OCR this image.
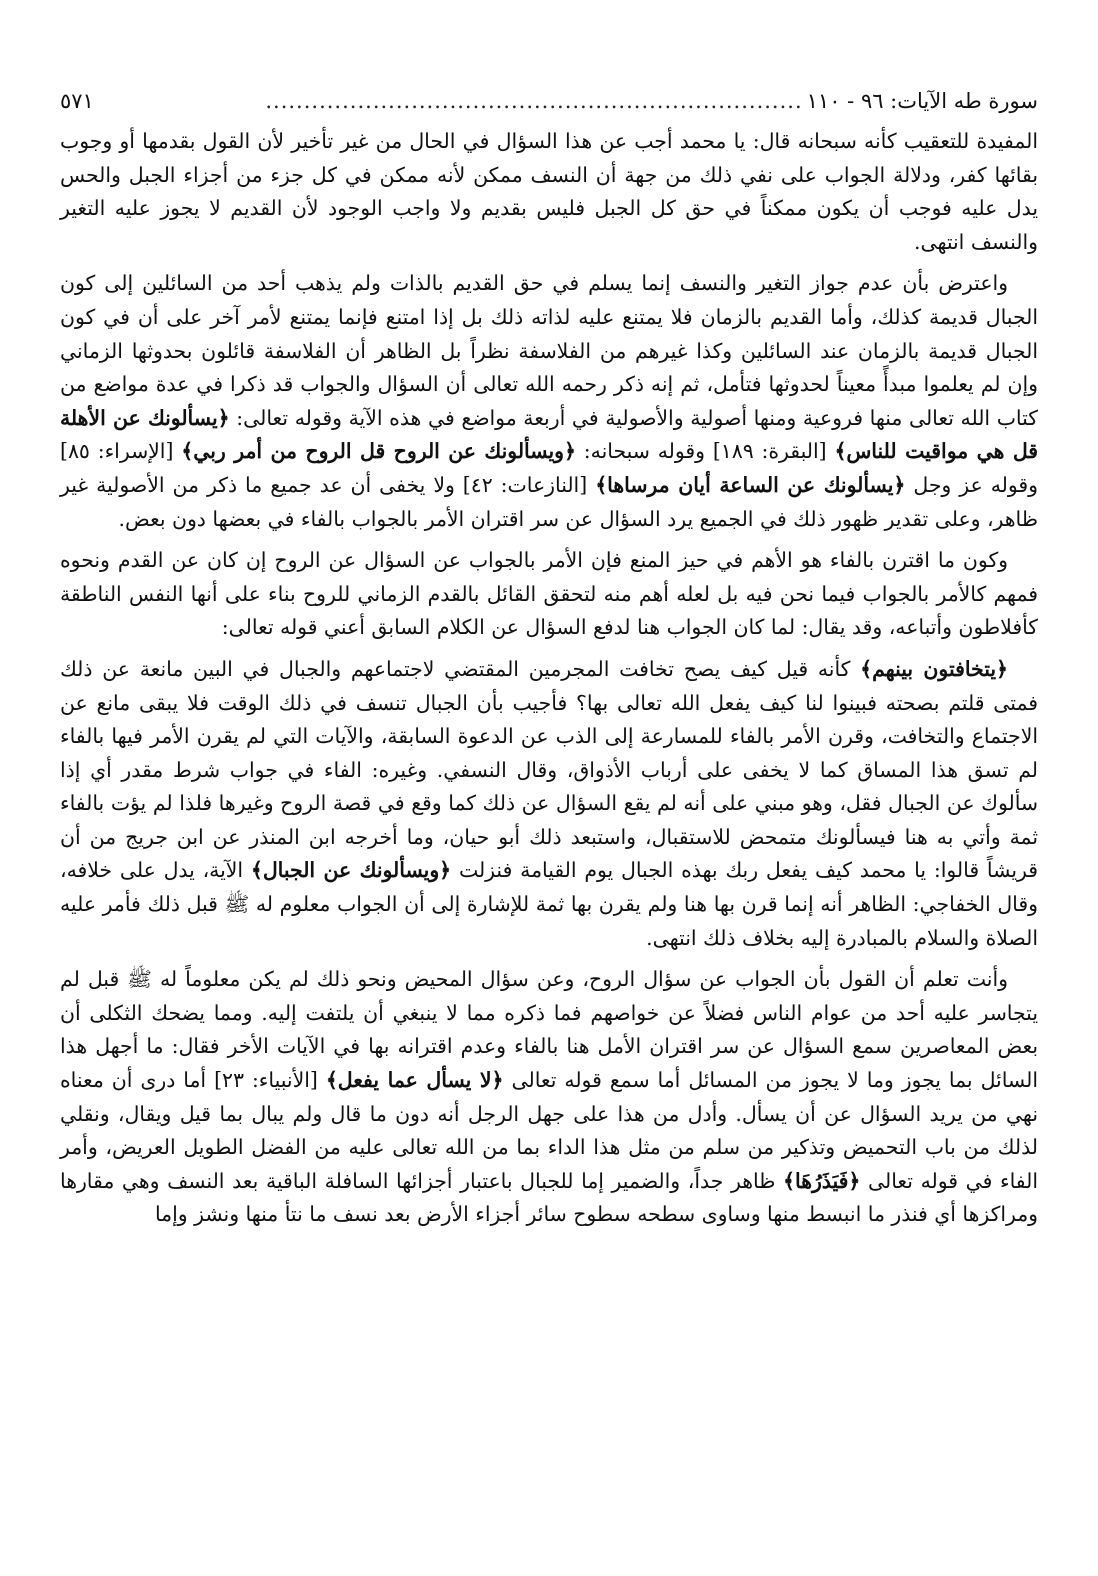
سورة طه الآيات: ٩٦ - ١١٠
......................................................................
٥٧١

المفيدة للتعقيب كأنه سبحانه قال: يا محمد أجب عن هذا السؤال في الحال من غير تأخير لأن القول بقدمها أو وجوب بقائها كفر، ودلالة الجواب على نفي ذلك من جهة أن النسف ممكن لأنه ممكن في كل جزء من أجزاء الجبل والحس يدل عليه فوجب أن يكون ممكناً في حق كل الجبل فليس بقديم ولا واجب الوجود لأن القديم لا يجوز عليه التغير والنسف انتهى.

واعترض بأن عدم جواز التغير والنسف إنما يسلم في حق القديم بالذات ولم يذهب أحد من السائلين إلى كون الجبال قديمة كذلك، وأما القديم بالزمان فلا يمتنع عليه لذاته ذلك بل إذا امتنع فإنما يمتنع لأمر آخر على أن في كون الجبال قديمة بالزمان عند السائلين وكذا غيرهم من الفلاسفة نظراً بل الظاهر أن الفلاسفة قائلون بحدوثها الزماني وإن لم يعلموا مبدأً معيناً لحدوثها فتأمل، ثم إنه ذكر رحمه الله تعالى أن السؤال والجواب قد ذكرا في عدة مواضع من كتاب الله تعالى منها فروعية ومنها أصولية والأصولية في أربعة مواضع في هذه الآية وقوله تعالى: ﴿يسألونك عن الأهلة قل هي مواقيت للناس﴾ [البقرة: ١٨٩] وقوله سبحانه: ﴿ويسألونك عن الروح قل الروح من أمر ربي﴾ [الإسراء: ٨٥] وقوله عز وجل ﴿يسألونك عن الساعة أيان مرساها﴾ [النازعات: ٤٢] ولا يخفى أن عد جميع ما ذكر من الأصولية غير ظاهر، وعلى تقدير ظهور ذلك في الجميع يرد السؤال عن سر اقتران الأمر بالجواب بالفاء في بعضها دون بعض.

وكون ما اقترن بالفاء هو الأهم في حيز المنع فإن الأمر بالجواب عن السؤال عن الروح إن كان عن القدم ونحوه فمهم كالأمر بالجواب فيما نحن فيه بل لعله أهم منه لتحقق القائل بالقدم الزماني للروح بناء على أنها النفس الناطقة كأفلاطون وأتباعه، وقد يقال: لما كان الجواب هنا لدفع السؤال عن الكلام السابق أعني قوله تعالى:

﴿يتخافتون بينهم﴾ كأنه قيل كيف يصح تخافت المجرمين المقتضي لاجتماعهم والجبال في البين مانعة عن ذلك فمتى قلتم بصحته فبينوا لنا كيف يفعل الله تعالى بها؟ فأجيب بأن الجبال تنسف في ذلك الوقت فلا يبقى مانع عن الاجتماع والتخافت، وقرن الأمر بالفاء للمسارعة إلى الذب عن الدعوة السابقة، والآيات التي لم يقرن الأمر فيها بالفاء لم تسق هذا المساق كما لا يخفى على أرباب الأذواق، وقال النسفي. وغيره: الفاء في جواب شرط مقدر أي إذا سألوك عن الجبال فقل، وهو مبني على أنه لم يقع السؤال عن ذلك كما وقع في قصة الروح وغيرها فلذا لم يؤت بالفاء ثمة وأتي به هنا فيسألونك متمحض للاستقبال، واستبعد ذلك أبو حيان، وما أخرجه ابن المنذر عن ابن جريج من أن قريشاً قالوا: يا محمد كيف يفعل ربك بهذه الجبال يوم القيامة فنزلت ﴿ويسألونك عن الجبال﴾ الآية، يدل على خلافه، وقال الخفاجي: الظاهر أنه إنما قرن بها هنا ولم يقرن بها ثمة للإشارة إلى أن الجواب معلوم له ﷺ قبل ذلك فأمر عليه الصلاة والسلام بالمبادرة إليه بخلاف ذلك انتهى.

وأنت تعلم أن القول بأن الجواب عن سؤال الروح، وعن سؤال المحيض ونحو ذلك لم يكن معلوماً له ﷺ قبل لم يتجاسر عليه أحد من عوام الناس فضلاً عن خواصهم فما ذكره مما لا ينبغي أن يلتفت إليه. ومما يضحك الثكلى أن بعض المعاصرين سمع السؤال عن سر اقتران الأمل هنا بالفاء وعدم اقترانه بها في الآيات الأخر فقال: ما أجهل هذا السائل بما يجوز وما لا يجوز من المسائل أما سمع قوله تعالى ﴿لا يسأل عما يفعل﴾ [الأنبياء: ٢٣] أما درى أن معناه نهي من يريد السؤال عن أن يسأل. وأدل من هذا على جهل الرجل أنه دون ما قال ولم يبال بما قيل ويقال، ونقلي لذلك من باب التحميض وتذكير من سلم من مثل هذا الداء بما من الله تعالى عليه من الفضل الطويل العريض، وأمر الفاء في قوله تعالى ﴿فَيَذَرُهَا﴾ ظاهر جداً، والضمير إما للجبال باعتبار أجزائها السافلة الباقية بعد النسف وهي مقارها ومراكزها أي فنذر ما انبسط منها وساوى سطحه سطوح سائر أجزاء الأرض بعد نسف ما نتأ منها ونشز وإما
